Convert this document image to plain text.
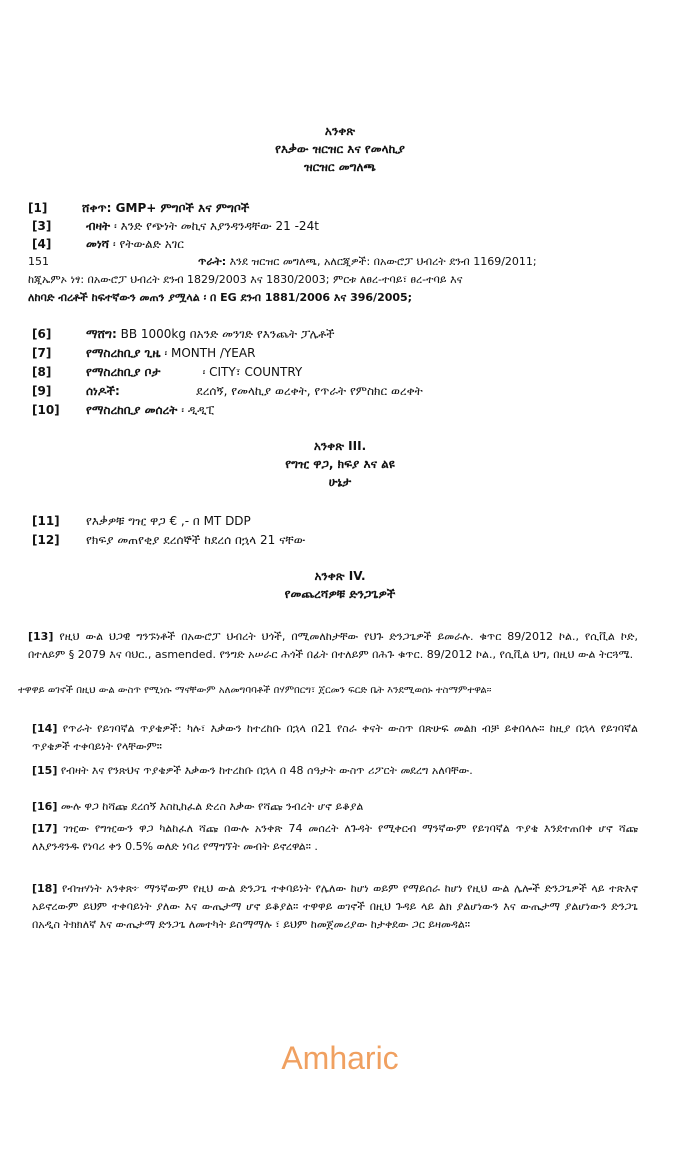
አንቀጽ
የእቃው ዝርዝር እና የመላኪያ
ዝርዝር መግለጫ
[1]	ሸቀጥ: GMP+ ምግቦች እና ምግቦች
[3]	ብዛት ፡ እንድ የጭነት መኪና እያንዳንዳቸው 21 -24t
[4]	መነሻ ፡ የትውልድ አገር
151	ጥራት: እንደ ዝርዝር መግለጫ, አለርጂዎች: በአውሮፓ ህብረት ደንብ 1169/2011;
ከጂኤምኦ ነፃ: በአውሮፓ ህብረት ደንብ 1829/2003 እና 1830/2003; ምርቱ ለፀረ-ተባይ፣ ፀረ-ተባይ እና
ለከባድ ብረቶች ከፍተኛውን መጠን ያሟላል ፡ በ EG ደንብ 1881/2006 እና 396/2005;
[6]	ማሸግ: BB 1000kg በአንድ መንገድ የእንጨት ፓሌቶች
[7]	የማስረከቢያ ጊዜ ፡ MONTH /YEAR
[8]	የማስረከቢያ ቦታ           ፡ CITY፣ COUNTRY
[9]	ሰነዶች:                    ደረሰኝ, የመላኪያ ወረቀት, የጥራት የምስክር ወረቀት
[10] የማስረከቢያ መሰረት ፡ ዲዲፒ
አንቀጽ III.
የግዢ ዋጋ, ክፍያ እና ልዩ
ሁኔታ
[11] የእቃዎቹ ግዢ ዋጋ € ,- በ MT DDP
[12] የክፍያ መጠየቂያ ደረሰኞች ከደረሰ በኋላ 21 ናቸው
አንቀጽ IV.
የመጨረሻዎቹ ድንጋጌዎች
[13] የዚህ ውል ህጋዊ ግንኙነቶች በአውሮፓ ህብረት ህጎች, በሚመለከታቸው የህጉ ድንጋጌዎች ይመራሉ. ቁጥር 89/2012 ኮል., የሲቪል ኮድ, በተለይም § 2079 እና ባህር., asmended. የንግድ አሠራር ሕጎች በፊት በተለይም በሕጉ ቁጥር. 89/2012 ኮል., የሲቪል ህግ, በዚህ ውል ትርጓሜ.
ተዋዋይ ወገኖች በዚህ ውል ውስጥ የሚነሱ ማናቸውም አለመግባባቶች በሃምበርግ፣ ጀርመን ፍርድ ቤት እንደሚወሰኑ ተስማምተዋል።
[14] የጥራት የይገባኛል ጥያቄዎች: ካሉ፣ እቃውን ከተረከቡ በኋላ በ21 የስራ ቀናት ውስጥ በጽሁፍ መልክ ብቻ ይቀበላሉ። ከዚያ በኋላ የይገባኛል ጥያቄዎች ተቀባይነት የላቸውም።
[15] የብዛት እና የንጽህና ጥያቄዎች እቃውን ከተረከቡ በኋላ በ 48 ሰዓታት ውስጥ ሪፖርት መደረግ አለባቸው.
[16] ሙሉ ዋጋ ከሻጩ ደረሰኝ እስኪከፈል ድረስ እቃው የሻጩ ንብረት ሆኖ ይቆያል
[17] ገዢው የግዢውን ዋጋ ካልከፈለ ሻጩ በውሉ አንቀጽ 74 መሰረት ለጉዳት የሚቀርብ ማንኛውም የይገባኛል ጥያቄ እንደተጠበቀ ሆኖ ሻጩ ለእያንዳንዱ የነባሪ ቀን 0.5% ወለድ ነባሪ የማግኘት መብት ይኖረዋል። .
[18] የብዝሃነት አንቀጽ፦ ማንኛውም የዚህ ውል ድንጋጌ ተቀባይነት የሌለው ከሆነ ወይም የማይሰራ ከሆነ የዚህ ውል ሌሎች ድንጋጌዎች ላይ ተጽእኖ አይኖረውም ይህም ተቀባይነት ያለው እና ውጤታማ ሆኖ ይቆያል። ተዋዋይ ወገኖች በዚህ ጉዳይ ላይ ልክ ያልሆነውን እና ውጤታማ ያልሆነውን ድንጋጌ በአዲስ ትክክለኛ እና ውጤታማ ድንጋጌ ለመተካት ይስማማሉ ፣ ይህም ከመጀመሪያው ከታቀደው ጋር ይዛመዳል።
Amharic
